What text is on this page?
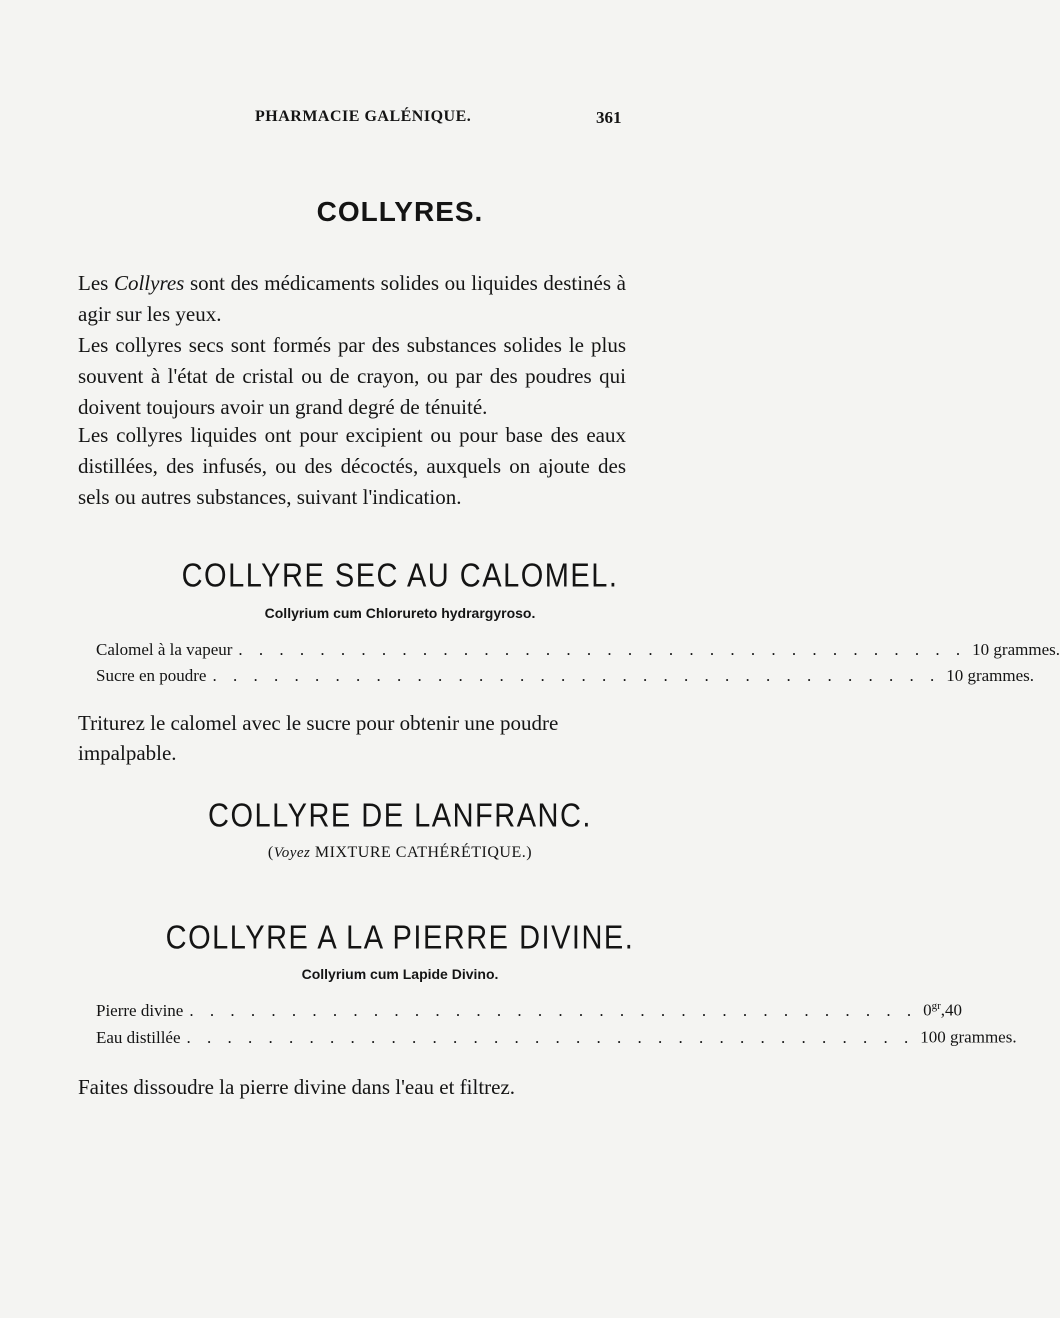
PHARMACIE GALÉNIQUE.	361
COLLYRES.
Les Collyres sont des médicaments solides ou liquides destinés à agir sur les yeux.
Les collyres secs sont formés par des substances solides le plus souvent à l'état de cristal ou de crayon, ou par des poudres qui doivent toujours avoir un grand degré de ténuité.
Les collyres liquides ont pour excipient ou pour base des eaux distillées, des infusés, ou des décoctés, auxquels on ajoute des sels ou autres substances, suivant l'indication.
COLLYRE SEC AU CALOMEL.
Collyrium cum Chlorureto hydrargyroso.
Calomel à la vapeur . . . . . . . . . . . . . . . . . . . . . . . . . . . . . . . . . . . . 10 grammes.
Sucre en poudre . . . . . . . . . . . . . . . . . . . . . . . . . . . . . . . . . . . . 10 grammes.
Triturez le calomel avec le sucre pour obtenir une poudre impalpable.
COLLYRE DE LANFRANC.
(Voyez MIXTURE CATHÉRÉTIQUE.)
COLLYRE A LA PIERRE DIVINE.
Collyrium cum Lapide Divino.
Pierre divine . . . . . . . . . . . . . . . . . . . . . . . . . . . . . . . . . . . . $0^{gr},40$
Eau distillée . . . . . . . . . . . . . . . . . . . . . . . . . . . . . . . . . . . . 100 grammes.
Faites dissoudre la pierre divine dans l'eau et filtrez.
